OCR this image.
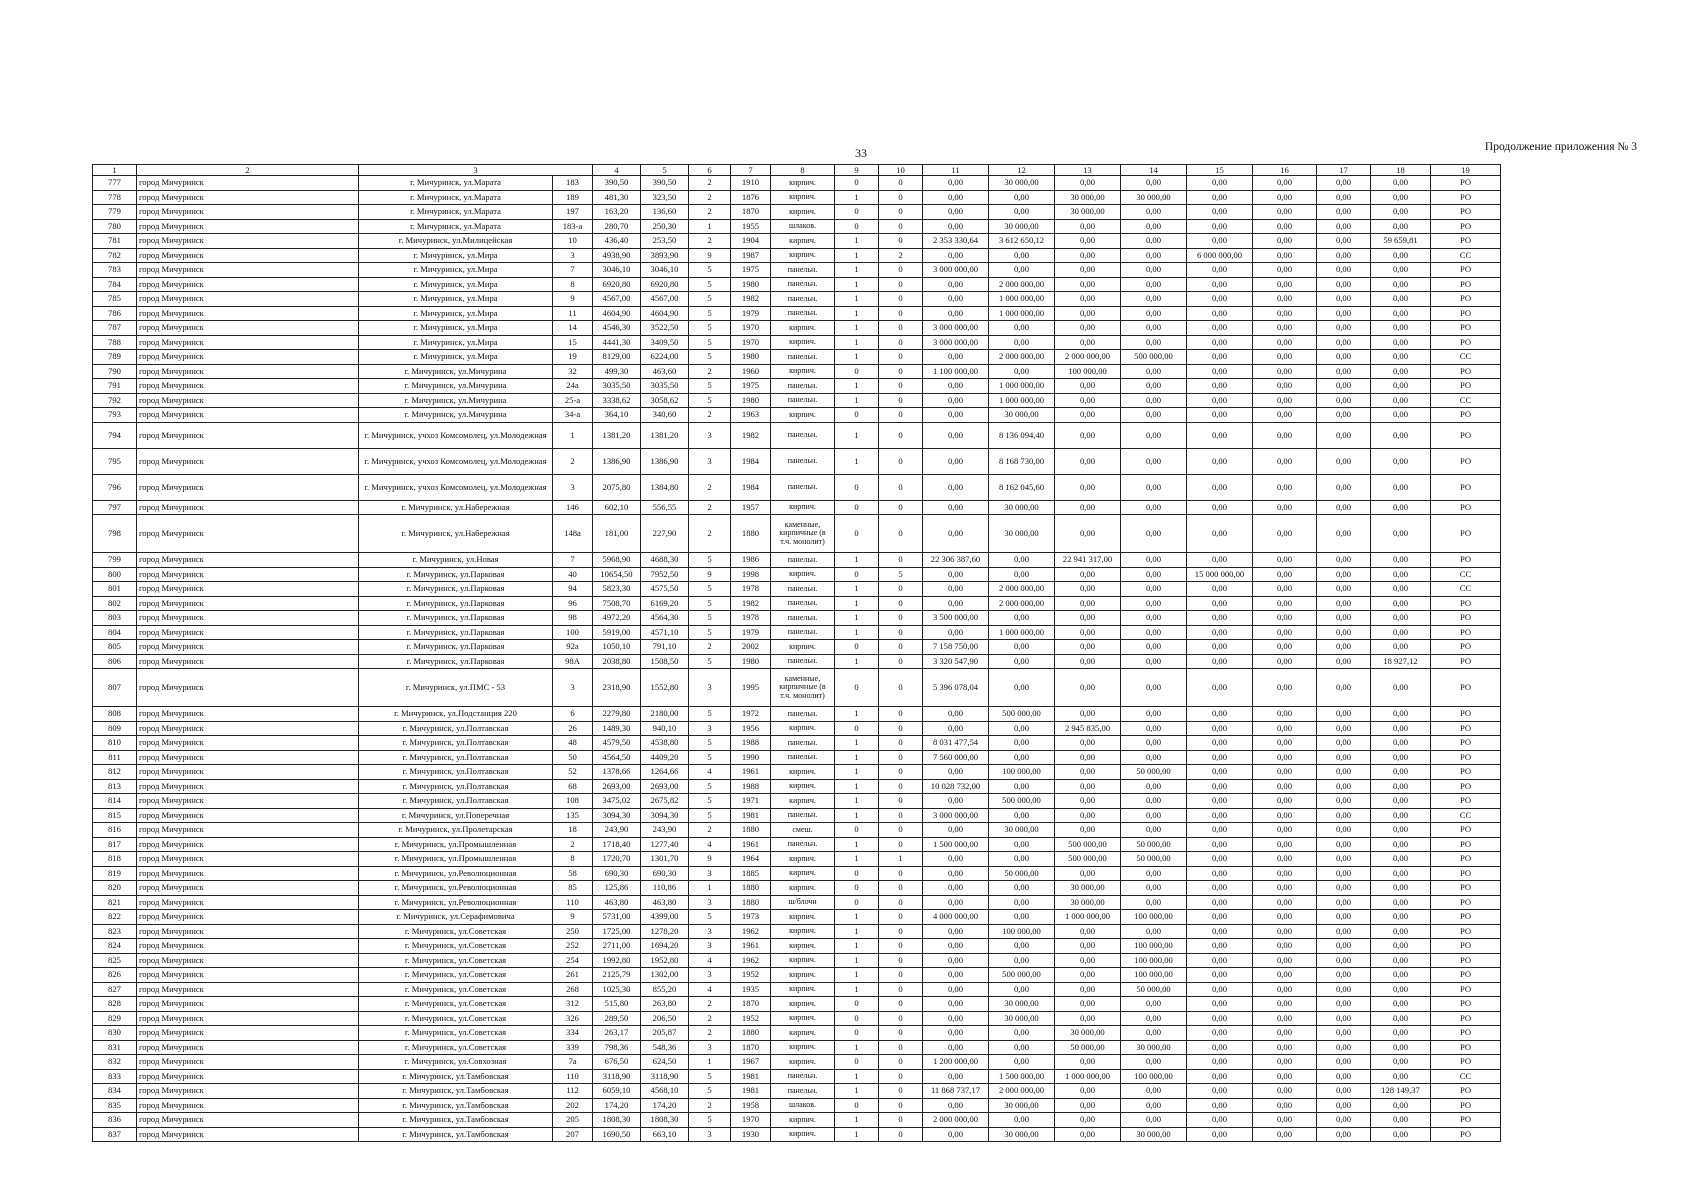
33	Продолжение приложения № 3
1	2	3		4	5	6	7	8	9	10	11	12	13	14	15	16	17	18	19
777	город Мичуринск	г. Мичуринск, ул.Марата	183	390,50	390,50	2	1910	кирпич.	0	0	0,00	30 000,00	0,00	0,00	0,00	0,00	0,00	0,00	РО
778	город Мичуринск	г. Мичуринск, ул.Марата	189	481,30	323,50	2	1876	кирпич.	1	0	0,00	0,00	30 000,00	30 000,00	0,00	0,00	0,00	0,00	РО
779	город Мичуринск	г. Мичуринск, ул.Марата	197	163,20	136,60	2	1870	кирпич.	0	0	0,00	0,00	30 000,00	0,00	0,00	0,00	0,00	0,00	РО
780	город Мичуринск	г. Мичуринск, ул.Марата	183-а	280,70	250,30	1	1955	шлаков.	0	0	0,00	30 000,00	0,00	0,00	0,00	0,00	0,00	0,00	РО
781	город Мичуринск	г. Мичуринск, ул.Милицейская	10	436,40	253,50	2	1904	кирпич.	1	0	2 353 330,64	3 612 650,12	0,00	0,00	0,00	0,00	0,00	59 659,81	РО
782	город Мичуринск	г. Мичуринск, ул.Мира	3	4938,90	3893,90	9	1987	кирпич.	1	2	0,00	0,00	0,00	0,00	6 000 000,00	0,00	0,00	0,00	СС
783	город Мичуринск	г. Мичуринск, ул.Мира	7	3046,10	3046,10	5	1975	панельн.	1	0	3 000 000,00	0,00	0,00	0,00	0,00	0,00	0,00	0,00	РО
784	город Мичуринск	г. Мичуринск, ул.Мира	8	6920,80	6920,80	5	1980	панельн.	1	0	0,00	2 000 000,00	0,00	0,00	0,00	0,00	0,00	0,00	РО
785	город Мичуринск	г. Мичуринск, ул.Мира	9	4567,00	4567,00	5	1982	панельн.	1	0	0,00	1 000 000,00	0,00	0,00	0,00	0,00	0,00	0,00	РО
786	город Мичуринск	г. Мичуринск, ул.Мира	11	4604,90	4604,90	5	1979	панельн.	1	0	0,00	1 000 000,00	0,00	0,00	0,00	0,00	0,00	0,00	РО
787	город Мичуринск	г. Мичуринск, ул.Мира	14	4546,30	3522,50	5	1970	кирпич.	1	0	3 000 000,00	0,00	0,00	0,00	0,00	0,00	0,00	0,00	РО
788	город Мичуринск	г. Мичуринск, ул.Мира	15	4441,30	3409,50	5	1970	кирпич.	1	0	3 000 000,00	0,00	0,00	0,00	0,00	0,00	0,00	0,00	РО
789	город Мичуринск	г. Мичуринск, ул.Мира	19	8129,00	6224,00	5	1980	панельн.	1	0	0,00	2 000 000,00	2 000 000,00	500 000,00	0,00	0,00	0,00	0,00	СС
790	город Мичуринск	г. Мичуринск, ул.Мичурина	32	499,30	463,60	2	1960	кирпич.	0	0	1 100 000,00	0,00	100 000,00	0,00	0,00	0,00	0,00	0,00	РО
791	город Мичуринск	г. Мичуринск, ул.Мичурина	24а	3035,50	3035,50	5	1975	панельн.	1	0	0,00	1 000 000,00	0,00	0,00	0,00	0,00	0,00	0,00	РО
792	город Мичуринск	г. Мичуринск, ул.Мичурина	25-а	3338,62	3058,62	5	1980	панельн.	1	0	0,00	1 000 000,00	0,00	0,00	0,00	0,00	0,00	0,00	СС
793	город Мичуринск	г. Мичуринск, ул.Мичурина	34-а	364,10	340,60	2	1963	кирпич.	0	0	0,00	30 000,00	0,00	0,00	0,00	0,00	0,00	0,00	РО
794	город Мичуринск	г. Мичуринск, учхоз Комсомолец, ул.Молодежная	1	1381,20	1381,20	3	1982	панельн.	1	0	0,00	8 136 094,40	0,00	0,00	0,00	0,00	0,00	0,00	РО
795	город Мичуринск	г. Мичуринск, учхоз Комсомолец, ул.Молодежная	2	1386,90	1386,90	3	1984	панельн.	1	0	0,00	8 168 730,00	0,00	0,00	0,00	0,00	0,00	0,00	РО
796	город Мичуринск	г. Мичуринск, учхоз Комсомолец, ул.Молодежная	3	2075,80	1384,80	2	1984	панельн.	0	0	0,00	8 162 045,60	0,00	0,00	0,00	0,00	0,00	0,00	РО
797	город Мичуринск	г. Мичуринск, ул.Набережная	146	602,10	556,55	2	1957	кирпич.	0	0	0,00	30 000,00	0,00	0,00	0,00	0,00	0,00	0,00	РО
798	город Мичуринск	г. Мичуринск, ул.Набережная	148а	181,00	227,90	2	1880	каменные, кирпичные (в т.ч. монолит)	0	0	0,00	30 000,00	0,00	0,00	0,00	0,00	0,00	0,00	РО
799	город Мичуринск	г. Мичуринск, ул.Новая	7	5968,90	4688,30	5	1986	панельн.	1	0	22 306 387,60	0,00	22 941 317,00	0,00	0,00	0,00	0,00	0,00	РО
800	город Мичуринск	г. Мичуринск, ул.Парковая	40	10654,50	7952,50	9	1998	кирпич.	0	5	0,00	0,00	0,00	0,00	15 000 000,00	0,00	0,00	0,00	СС
801	город Мичуринск	г. Мичуринск, ул.Парковая	94	5823,30	4575,50	5	1978	панельн.	1	0	0,00	2 000 000,00	0,00	0,00	0,00	0,00	0,00	0,00	СС
802	город Мичуринск	г. Мичуринск, ул.Парковая	96	7508,70	6169,20	5	1982	панельн.	1	0	0,00	2 000 000,00	0,00	0,00	0,00	0,00	0,00	0,00	РО
803	город Мичуринск	г. Мичуринск, ул.Парковая	98	4972,20	4564,30	5	1978	панельн.	1	0	3 500 000,00	0,00	0,00	0,00	0,00	0,00	0,00	0,00	РО
804	город Мичуринск	г. Мичуринск, ул.Парковая	100	5919,00	4571,10	5	1979	панельн.	1	0	0,00	1 000 000,00	0,00	0,00	0,00	0,00	0,00	0,00	РО
805	город Мичуринск	г. Мичуринск, ул.Парковая	92а	1050,10	791,10	2	2002	кирпич.	0	0	7 158 750,00	0,00	0,00	0,00	0,00	0,00	0,00	0,00	РО
806	город Мичуринск	г. Мичуринск, ул.Парковая	98А	2038,80	1508,50	5	1980	панельн.	1	0	3 320 547,90	0,00	0,00	0,00	0,00	0,00	0,00	18 927,12	РО
807	город Мичуринск	г. Мичуринск, ул.ПМС - 53	3	2318,90	1552,80	3	1995	каменные, кирпичные (в т.ч. монолит)	0	0	5 396 078,04	0,00	0,00	0,00	0,00	0,00	0,00	0,00	РО
808	город Мичуринск	г. Мичуринск, ул.Подстанция 220	6	2279,80	2180,00	5	1972	панельн.	1	0	0,00	500 000,00	0,00	0,00	0,00	0,00	0,00	0,00	РО
809	город Мичуринск	г. Мичуринск, ул.Полтавская	26	1489,30	940,10	3	1956	кирпич.	0	0	0,00	0,00	2 945 835,00	0,00	0,00	0,00	0,00	0,00	РО
810	город Мичуринск	г. Мичуринск, ул.Полтавская	48	4579,50	4538,80	5	1988	панельн.	1	0	8 031 477,54	0,00	0,00	0,00	0,00	0,00	0,00	0,00	РО
811	город Мичуринск	г. Мичуринск, ул.Полтавская	50	4564,50	4409,20	5	1990	панельн.	1	0	7 560 000,00	0,00	0,00	0,00	0,00	0,00	0,00	0,00	РО
812	город Мичуринск	г. Мичуринск, ул.Полтавская	52	1378,66	1264,66	4	1961	кирпич.	1	0	0,00	100 000,00	0,00	50 000,00	0,00	0,00	0,00	0,00	РО
813	город Мичуринск	г. Мичуринск, ул.Полтавская	68	2693,00	2693,00	5	1988	кирпич.	1	0	10 028 732,00	0,00	0,00	0,00	0,00	0,00	0,00	0,00	РО
814	город Мичуринск	г. Мичуринск, ул.Полтавская	108	3475,02	2675,82	5	1971	кирпич.	1	0	0,00	500 000,00	0,00	0,00	0,00	0,00	0,00	0,00	РО
815	город Мичуринск	г. Мичуринск, ул.Поперечная	135	3094,30	3094,30	5	1981	панельн.	1	0	3 000 000,00	0,00	0,00	0,00	0,00	0,00	0,00	0,00	СС
816	город Мичуринск	г. Мичуринск, ул.Пролетарская	18	243,90	243,90	2	1880	смеш.	0	0	0,00	30 000,00	0,00	0,00	0,00	0,00	0,00	0,00	РО
817	город Мичуринск	г. Мичуринск, ул.Промышленная	2	1718,40	1277,40	4	1961	панельн.	1	0	1 500 000,00	0,00	500 000,00	50 000,00	0,00	0,00	0,00	0,00	РО
818	город Мичуринск	г. Мичуринск, ул.Промышленная	8	1720,70	1301,70	9	1964	кирпич.	1	1	0,00	0,00	500 000,00	50 000,00	0,00	0,00	0,00	0,00	РО
819	город Мичуринск	г. Мичуринск, ул.Революционная	58	690,30	690,30	3	1885	кирпич.	0	0	0,00	50 000,00	0,00	0,00	0,00	0,00	0,00	0,00	РО
820	город Мичуринск	г. Мичуринск, ул.Революционная	85	125,86	110,86	1	1880	кирпич.	0	0	0,00	0,00	30 000,00	0,00	0,00	0,00	0,00	0,00	РО
821	город Мичуринск	г. Мичуринск, ул.Революционная	110	463,80	463,80	3	1880	ш/блочн	0	0	0,00	0,00	30 000,00	0,00	0,00	0,00	0,00	0,00	РО
822	город Мичуринск	г. Мичуринск, ул.Серафимовича	9	5731,00	4399,00	5	1973	кирпич.	1	0	4 000 000,00	0,00	1 000 000,00	100 000,00	0,00	0,00	0,00	0,00	РО
823	город Мичуринск	г. Мичуринск, ул.Советская	250	1725,00	1278,20	3	1962	кирпич.	1	0	0,00	100 000,00	0,00	0,00	0,00	0,00	0,00	0,00	РО
824	город Мичуринск	г. Мичуринск, ул.Советская	252	2711,00	1694,20	3	1961	кирпич.	1	0	0,00	0,00	0,00	100 000,00	0,00	0,00	0,00	0,00	РО
825	город Мичуринск	г. Мичуринск, ул.Советская	254	1992,80	1952,80	4	1962	кирпич.	1	0	0,00	0,00	0,00	100 000,00	0,00	0,00	0,00	0,00	РО
826	город Мичуринск	г. Мичуринск, ул.Советская	261	2125,79	1302,00	3	1952	кирпич.	1	0	0,00	500 000,00	0,00	100 000,00	0,00	0,00	0,00	0,00	РО
827	город Мичуринск	г. Мичуринск, ул.Советская	268	1025,30	855,20	4	1935	кирпич.	1	0	0,00	0,00	0,00	50 000,00	0,00	0,00	0,00	0,00	РО
828	город Мичуринск	г. Мичуринск, ул.Советская	312	515,80	263,80	2	1870	кирпич.	0	0	0,00	30 000,00	0,00	0,00	0,00	0,00	0,00	0,00	РО
829	город Мичуринск	г. Мичуринск, ул.Советская	326	289,50	206,50	2	1952	кирпич.	0	0	0,00	30 000,00	0,00	0,00	0,00	0,00	0,00	0,00	РО
830	город Мичуринск	г. Мичуринск, ул.Советская	334	263,17	205,87	2	1880	кирпич.	0	0	0,00	0,00	30 000,00	0,00	0,00	0,00	0,00	0,00	РО
831	город Мичуринск	г. Мичуринск, ул.Советская	339	798,36	548,36	3	1870	кирпич.	1	0	0,00	0,00	50 000,00	30 000,00	0,00	0,00	0,00	0,00	РО
832	город Мичуринск	г. Мичуринск, ул.Совхозная	7а	676,50	624,50	1	1967	кирпич.	0	0	1 200 000,00	0,00	0,00	0,00	0,00	0,00	0,00	0,00	РО
833	город Мичуринск	г. Мичуринск, ул.Тамбовская	110	3118,90	3118,90	5	1981	панельн.	1	0	0,00	1 500 000,00	1 000 000,00	100 000,00	0,00	0,00	0,00	0,00	СС
834	город Мичуринск	г. Мичуринск, ул.Тамбовская	112	6059,10	4568,10	5	1981	панельн.	1	0	11 868 737,17	2 000 000,00	0,00	0,00	0,00	0,00	0,00	128 149,37	РО
835	город Мичуринск	г. Мичуринск, ул.Тамбовская	202	174,20	174,20	2	1958	шлаков.	0	0	0,00	30 000,00	0,00	0,00	0,00	0,00	0,00	0,00	РО
836	город Мичуринск	г. Мичуринск, ул.Тамбовская	205	1808,30	1808,30	5	1970	кирпич.	1	0	2 000 000,00	0,00	0,00	0,00	0,00	0,00	0,00	0,00	РО
837	город Мичуринск	г. Мичуринск, ул.Тамбовская	207	1690,50	663,10	3	1930	кирпич.	1	0	0,00	30 000,00	0,00	30 000,00	0,00	0,00	0,00	0,00	РО
